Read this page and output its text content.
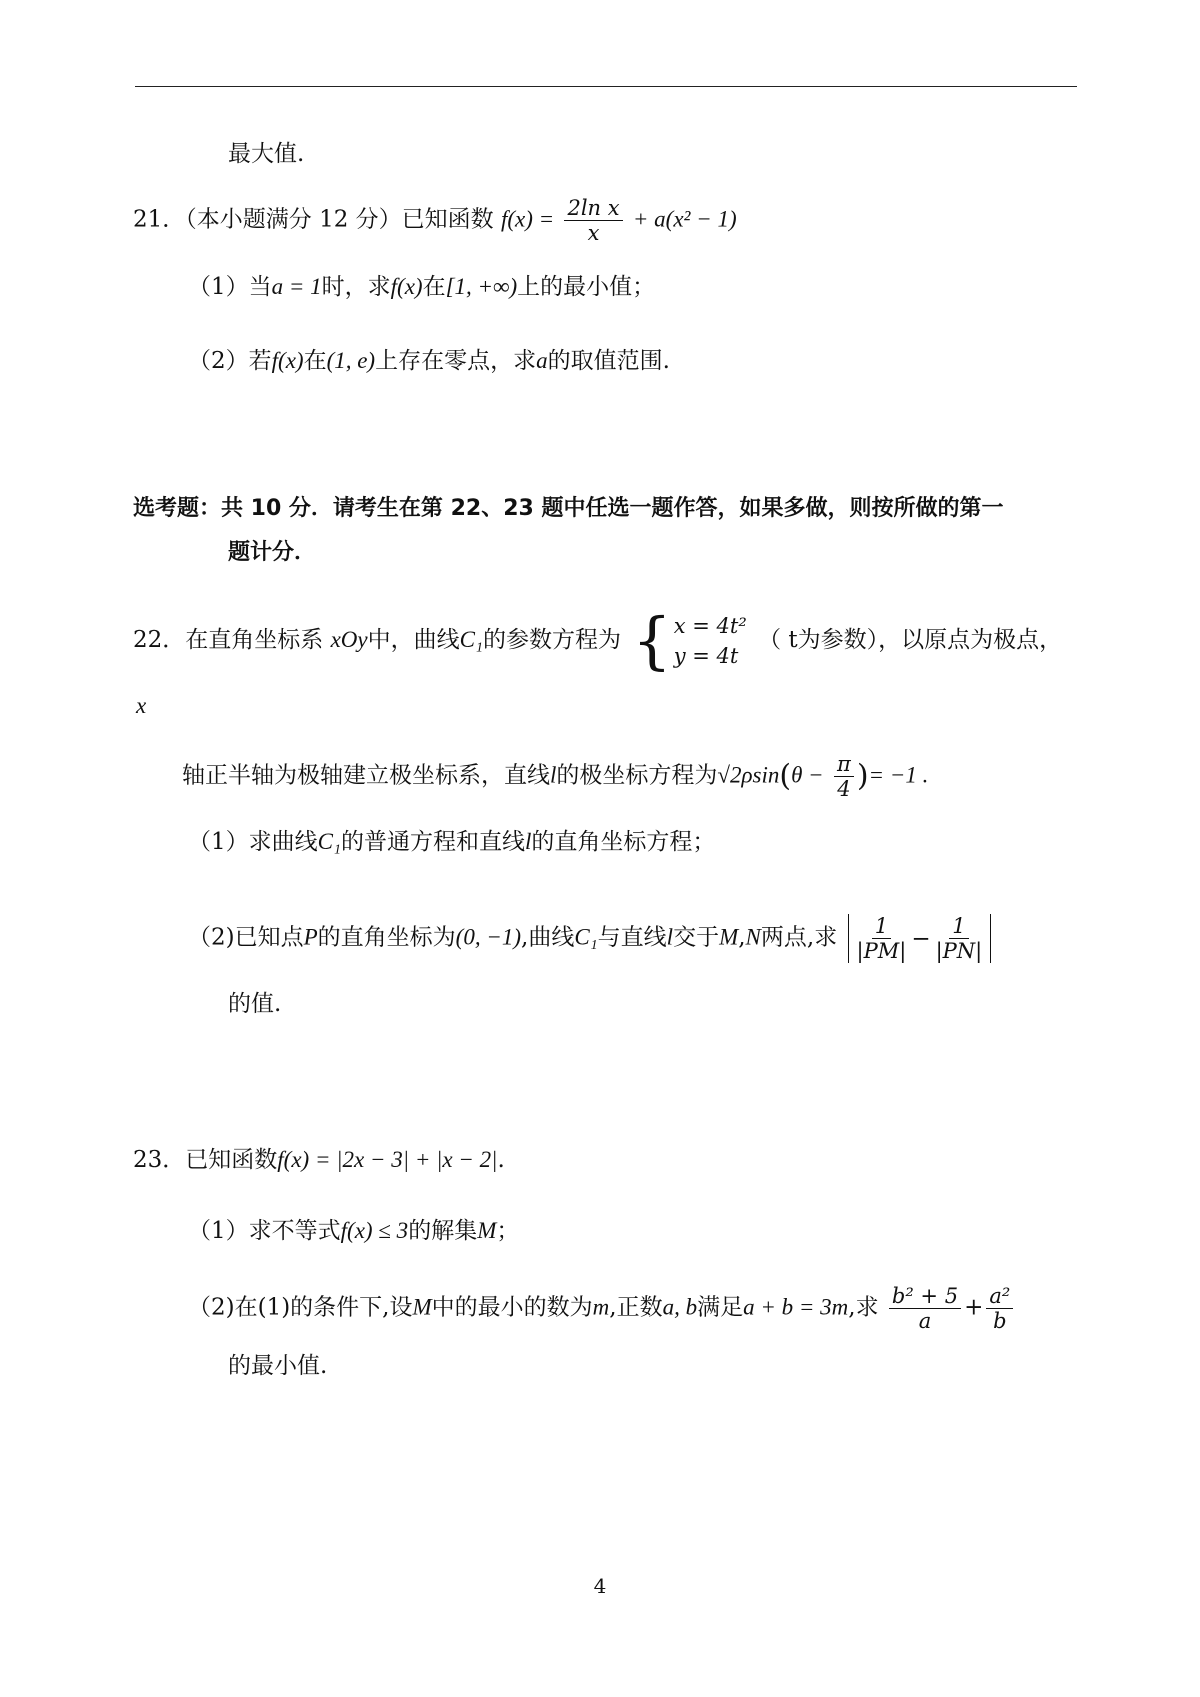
最大值.
21．（本小题满分 12 分）已知函数 $f(x) = \frac{\text{2ln x}}{x} + a(x^2 - 1)$
（1）当a = 1时，求f(x)在[1, +∞)上的最小值；
（2）若f(x)在(1, e)上存在零点，求a的取值范围.
选考题：共 10 分．请考生在第 22、23 题中任选一题作答，如果多做，则按所做的第一
题计分．
22．在直角坐标系 xOy中，曲线C₁的参数方程为 { x = 4t²
y = 4t
（ t为参数），以原点为极点，
x
轴正半轴为极轴建立极坐标系，直线l的极坐标方程为$√2\rho\sin(\theta - \frac{\pi}{4}$ )= −1 .
（1）求曲线C₁的普通方程和直线l的直角坐标方程；
（2)已知点P的直角坐标为(0, −1),曲线C₁与直线l交于M,N两点,求 $\frac{1}{|PM|} - \frac{1}{|PN|}$
的值.
23．已知函数f(x) = |2x − 3| + |x − 2|.
（1）求不等式f(x) ≤ 3的解集M；
（2)在(1)的条件下,设M中的最小的数为m,正数a, b满足a + b = 3m,求 $\frac{\text{b² + 5}}{a} + \frac{\text{a²}}{b}$
的最小值.
4
